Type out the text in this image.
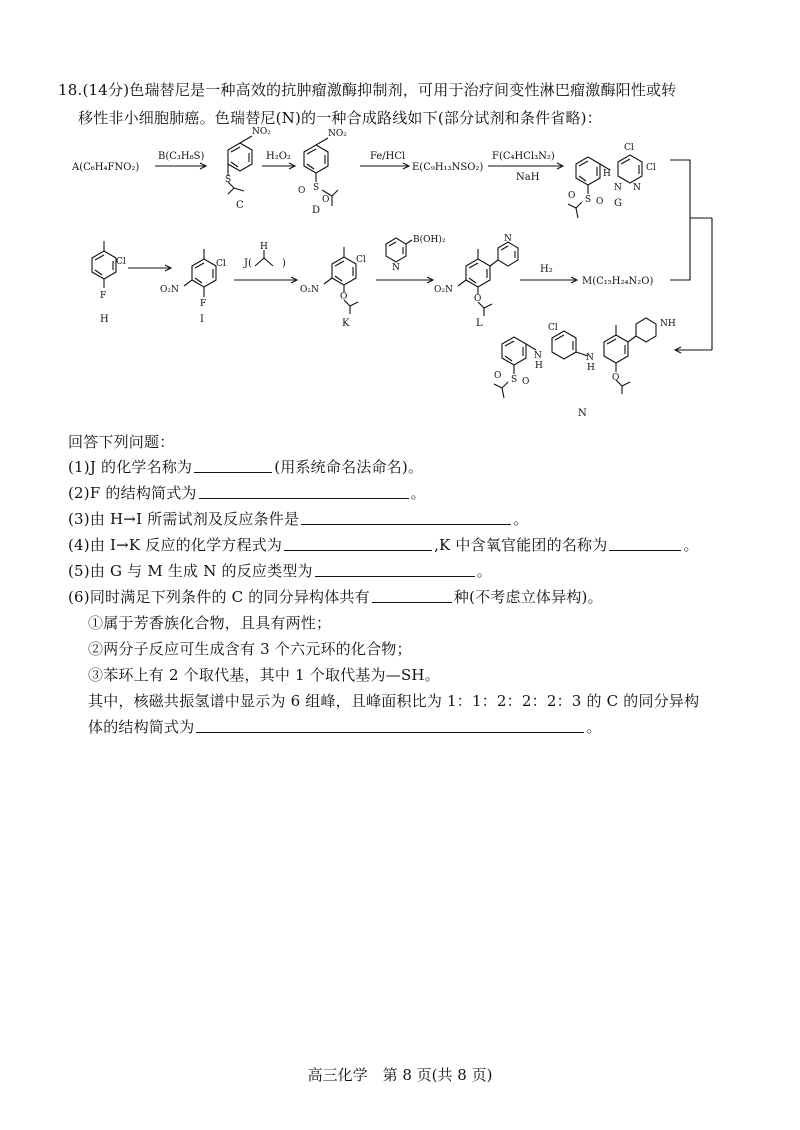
18.(14分)色瑞替尼是一种高效的抗肿瘤激酶抑制剂，可用于治疗间变性淋巴瘤激酶阳性或转
移性非小细胞肺癌。色瑞替尼(N)的一种合成路线如下(部分试剂和条件省略)：
A(C₆H₄FNO₂)
B(C₃H₈S)
NO₂
S
C
H₂O₂
NO₂
S
O
O
D
Fe/HCl
E(C₉H₁₃NSO₂)
F(C₄HCl₃N₂)
NaH
Cl
Cl
N
H
N
S
O
O G
Cl
F
H
Cl
O₂N
F
I
J(	)
H
Cl
O₂N
O
K
B(OH)₂
N
N
O₂N
O
L
H₂
M(C₁₅H₂₄N₂O)
Cl
N
H
N
H
NH
O
S
O
O
N
回答下列问题：
(1)J 的化学名称为	(用系统命名法命名)。
(2)F 的结构简式为	。
(3)由 H→I 所需试剂及反应条件是	。
(4)由 I→K 反应的化学方程式为	,K 中含氧官能团的名称为	。
(5)由 G 与 M 生成 N 的反应类型为	。
(6)同时满足下列条件的 C 的同分异构体共有	种(不考虑立体异构)。
①属于芳香族化合物，且具有两性；
②两分子反应可生成含有 3 个六元环的化合物；
③苯环上有 2 个取代基，其中 1 个取代基为—SH。
其中，核磁共振氢谱中显示为 6 组峰，且峰面积比为 1：1：2：2：2：3 的 C 的同分异构
体的结构简式为	。
高三化学　第 8 页(共 8 页)
